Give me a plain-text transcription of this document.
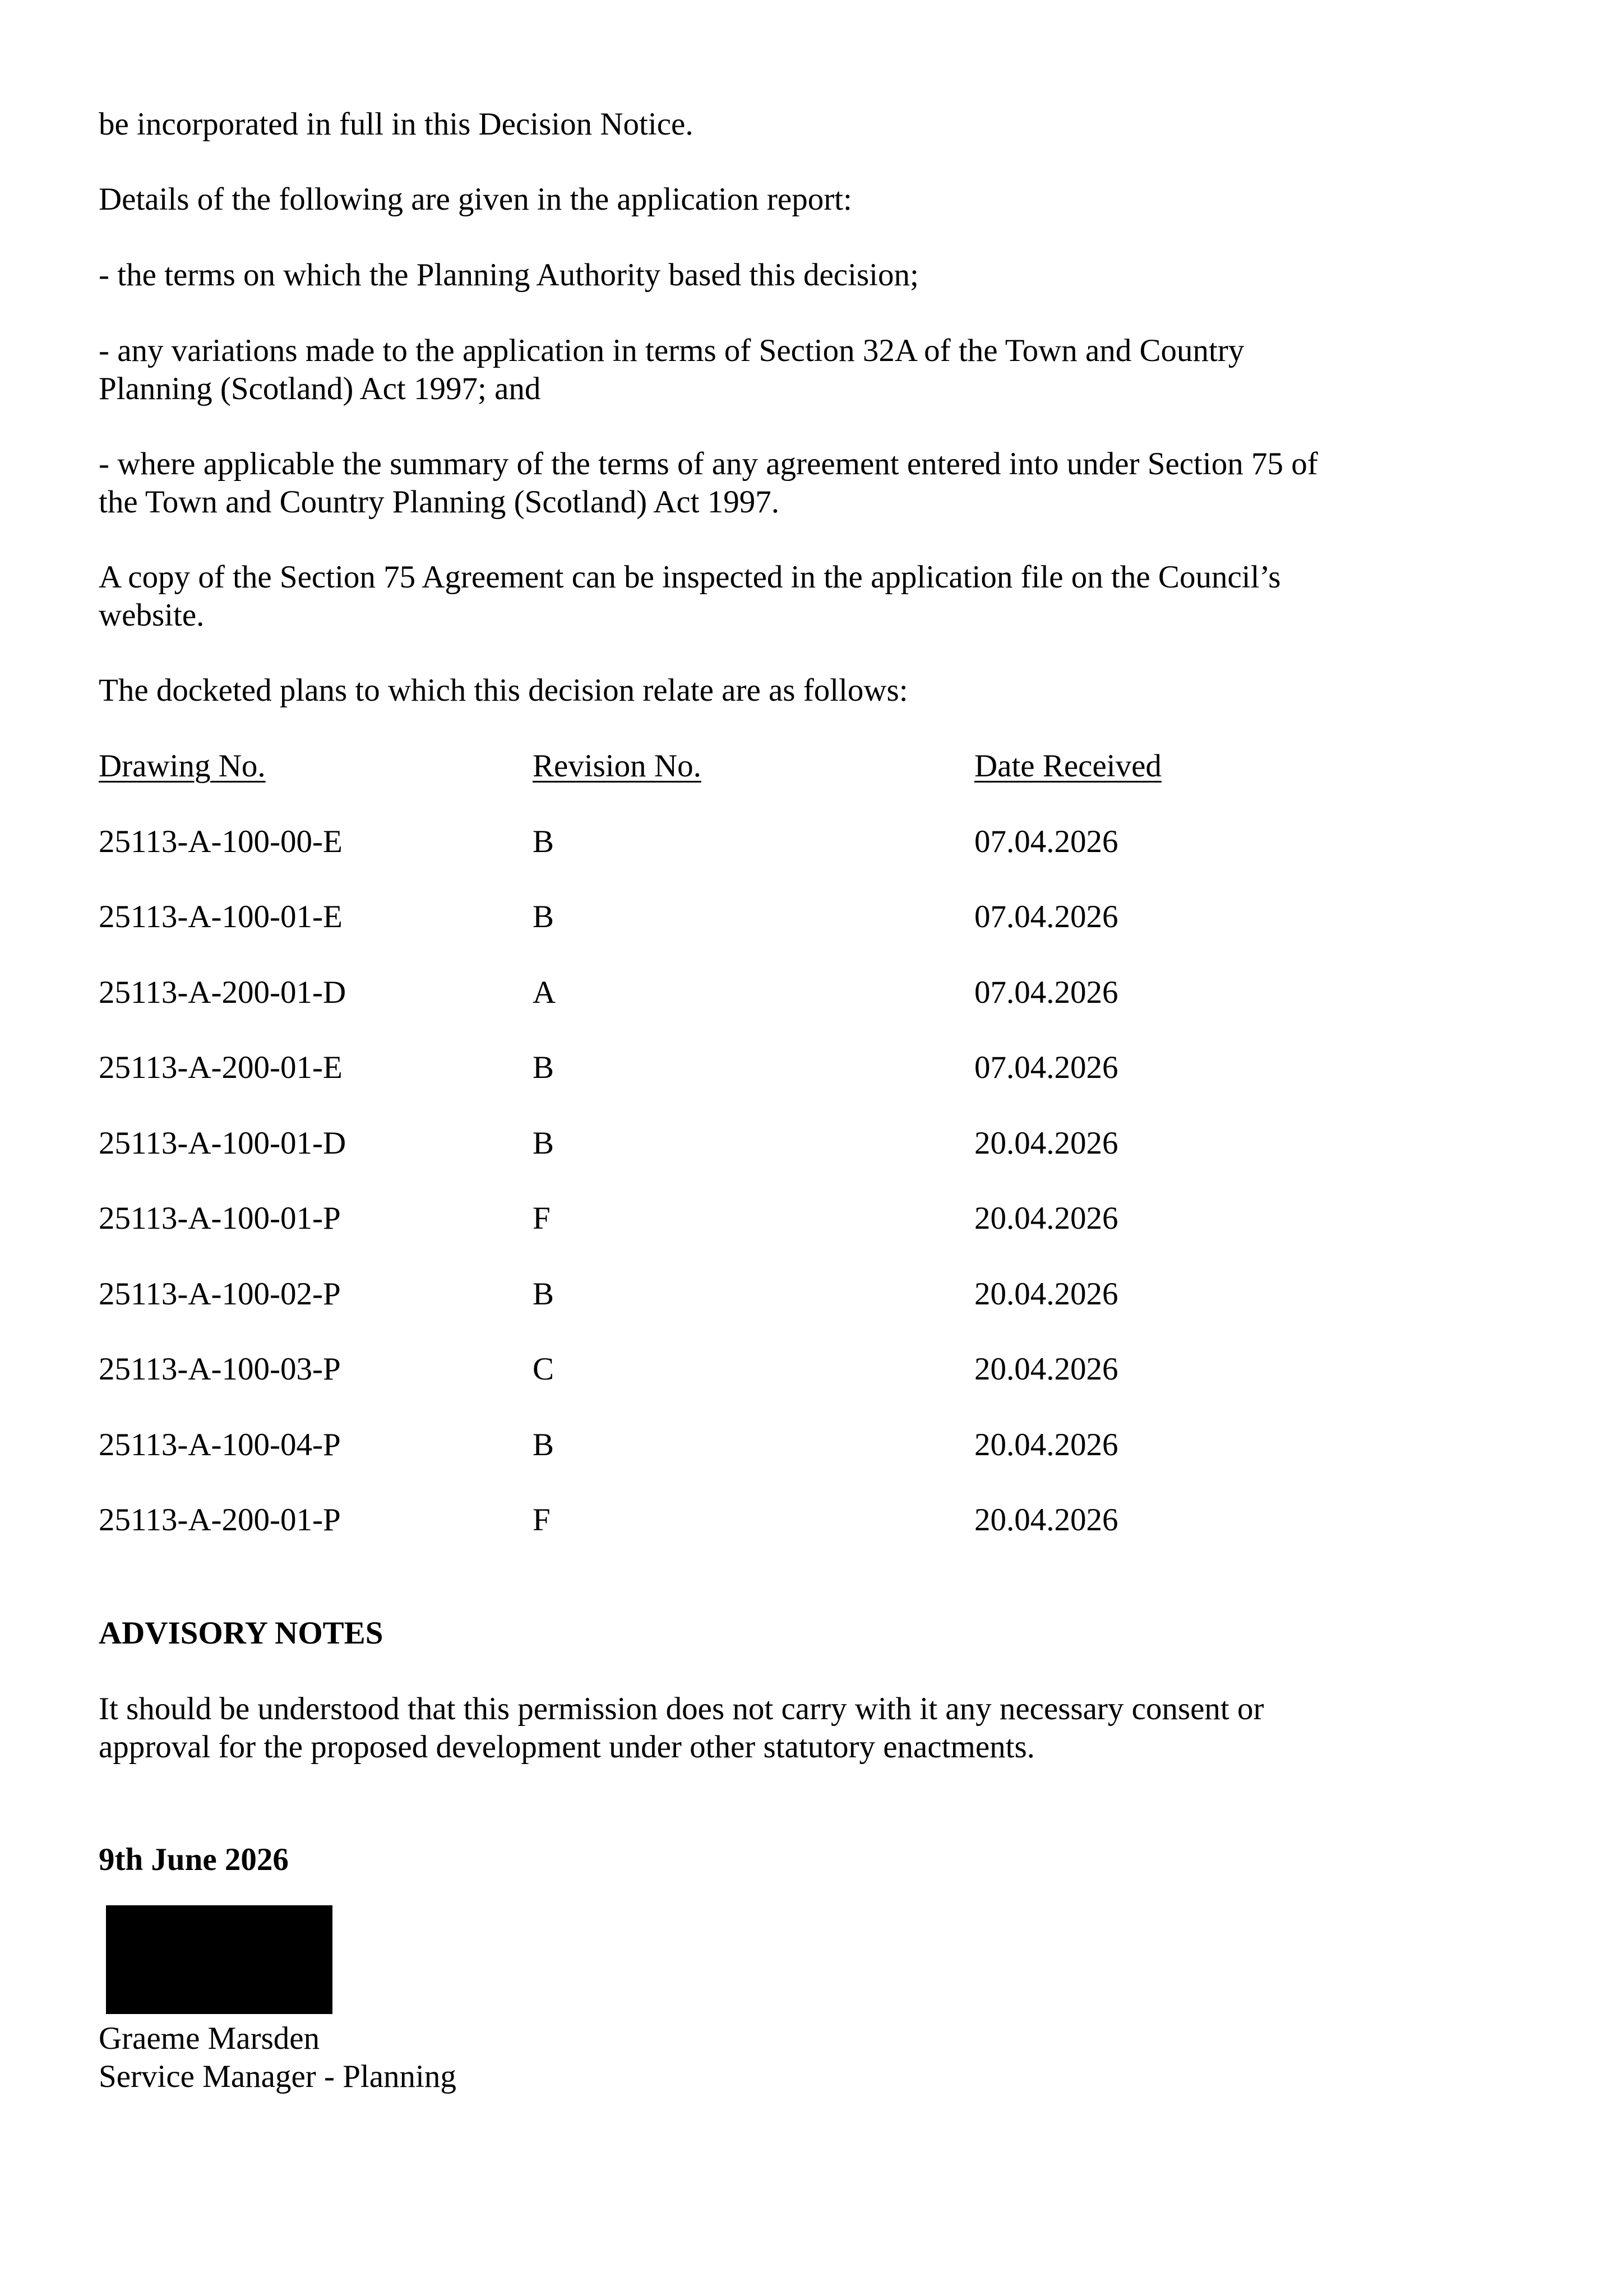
be incorporated in full in this Decision Notice.

Details of the following are given in the application report:

- the terms on which the Planning Authority based this decision;

- any variations made to the application in terms of Section 32A of the Town and Country
Planning (Scotland) Act 1997; and

- where applicable the summary of the terms of any agreement entered into under Section 75 of
the Town and Country Planning (Scotland) Act 1997.

A copy of the Section 75 Agreement can be inspected in the application file on the Council’s
website.

The docketed plans to which this decision relate are as follows:

Drawing No.	Revision No.	Date Received
25113-A-100-00-E	B	07.04.2026
25113-A-100-01-E	B	07.04.2026
25113-A-200-01-D	A	07.04.2026
25113-A-200-01-E	B	07.04.2026
25113-A-100-01-D	B	20.04.2026
25113-A-100-01-P	F	20.04.2026
25113-A-100-02-P	B	20.04.2026
25113-A-100-03-P	C	20.04.2026
25113-A-100-04-P	B	20.04.2026
25113-A-200-01-P	F	20.04.2026

ADVISORY NOTES

It should be understood that this permission does not carry with it any necessary consent or
approval for the proposed development under other statutory enactments.

9th June 2026

Graeme Marsden

Service Manager - Planning
